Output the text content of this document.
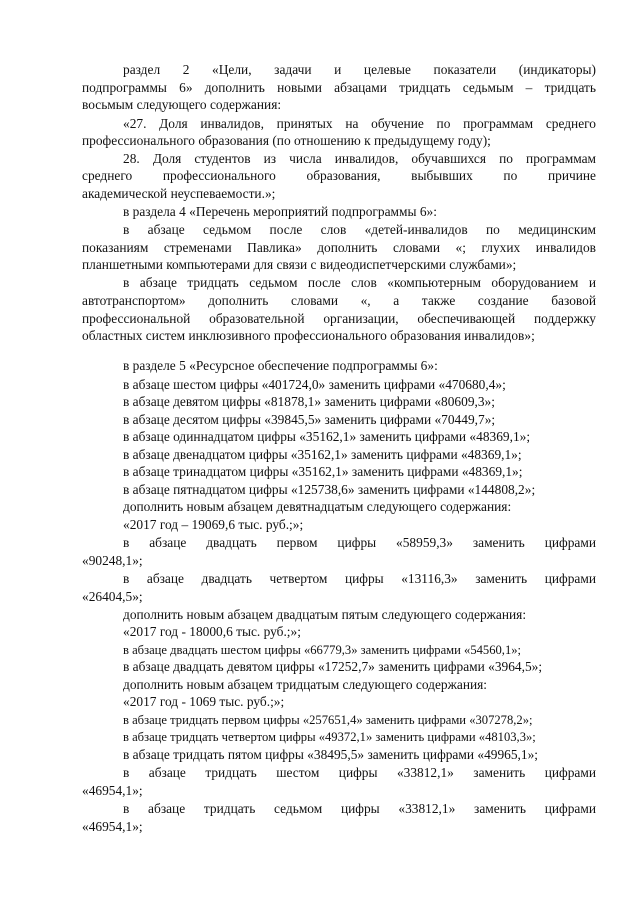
раздел 2 «Цели, задачи и целевые показатели (индикаторы)
подпрограммы 6» дополнить новыми абзацами тридцать седьмым – тридцать
восьмым следующего содержания:
«27. Доля инвалидов, принятых на обучение по программам среднего
профессионального образования (по отношению к предыдущему году);
28. Доля студентов из числа инвалидов, обучавшихся по программам
среднего профессионального образования, выбывших по причине
академической неуспеваемости.»;
в раздела 4 «Перечень мероприятий подпрограммы 6»:
в абзаце седьмом после слов «детей-инвалидов по медицинским
показаниям стременами Павлика» дополнить словами «; глухих инвалидов
планшетными компьютерами для связи с видеодиспетчерскими службами»;
в абзаце тридцать седьмом после слов «компьютерным оборудованием и
автотранспортом» дополнить словами «, а также создание базовой
профессиональной образовательной организации, обеспечивающей поддержку
областных систем инклюзивного профессионального образования инвалидов»;
в разделе 5 «Ресурсное обеспечение подпрограммы 6»:
в абзаце шестом цифры «401724,0» заменить цифрами «470680,4»;
в абзаце девятом цифры «81878,1» заменить цифрами «80609,3»;
в абзаце десятом цифры «39845,5» заменить цифрами «70449,7»;
в абзаце одиннадцатом цифры «35162,1» заменить цифрами «48369,1»;
в абзаце двенадцатом цифры «35162,1» заменить цифрами «48369,1»;
в абзаце тринадцатом цифры «35162,1» заменить цифрами «48369,1»;
в абзаце пятнадцатом цифры «125738,6» заменить цифрами «144808,2»;
дополнить новым абзацем девятнадцатым следующего содержания:
«2017 год – 19069,6 тыс. руб.;»;
в абзаце двадцать первом цифры «58959,3» заменить цифрами
«90248,1»;
в абзаце двадцать четвертом цифры «13116,3» заменить цифрами
«26404,5»;
дополнить новым абзацем двадцатым пятым следующего содержания:
«2017 год - 18000,6 тыс. руб.;»;
в абзаце двадцать шестом цифры «66779,3» заменить цифрами «54560,1»;
в абзаце двадцать девятом цифры «17252,7» заменить цифрами «3964,5»;
дополнить новым абзацем тридцатым следующего содержания:
«2017 год - 1069 тыс. руб.;»;
в абзаце тридцать первом цифры «257651,4» заменить цифрами «307278,2»;
в абзаце тридцать четвертом цифры «49372,1» заменить цифрами «48103,3»;
в абзаце тридцать пятом цифры «38495,5» заменить цифрами «49965,1»;
в абзаце тридцать шестом цифры «33812,1» заменить цифрами
«46954,1»;
в абзаце тридцать седьмом цифры «33812,1» заменить цифрами
«46954,1»;
